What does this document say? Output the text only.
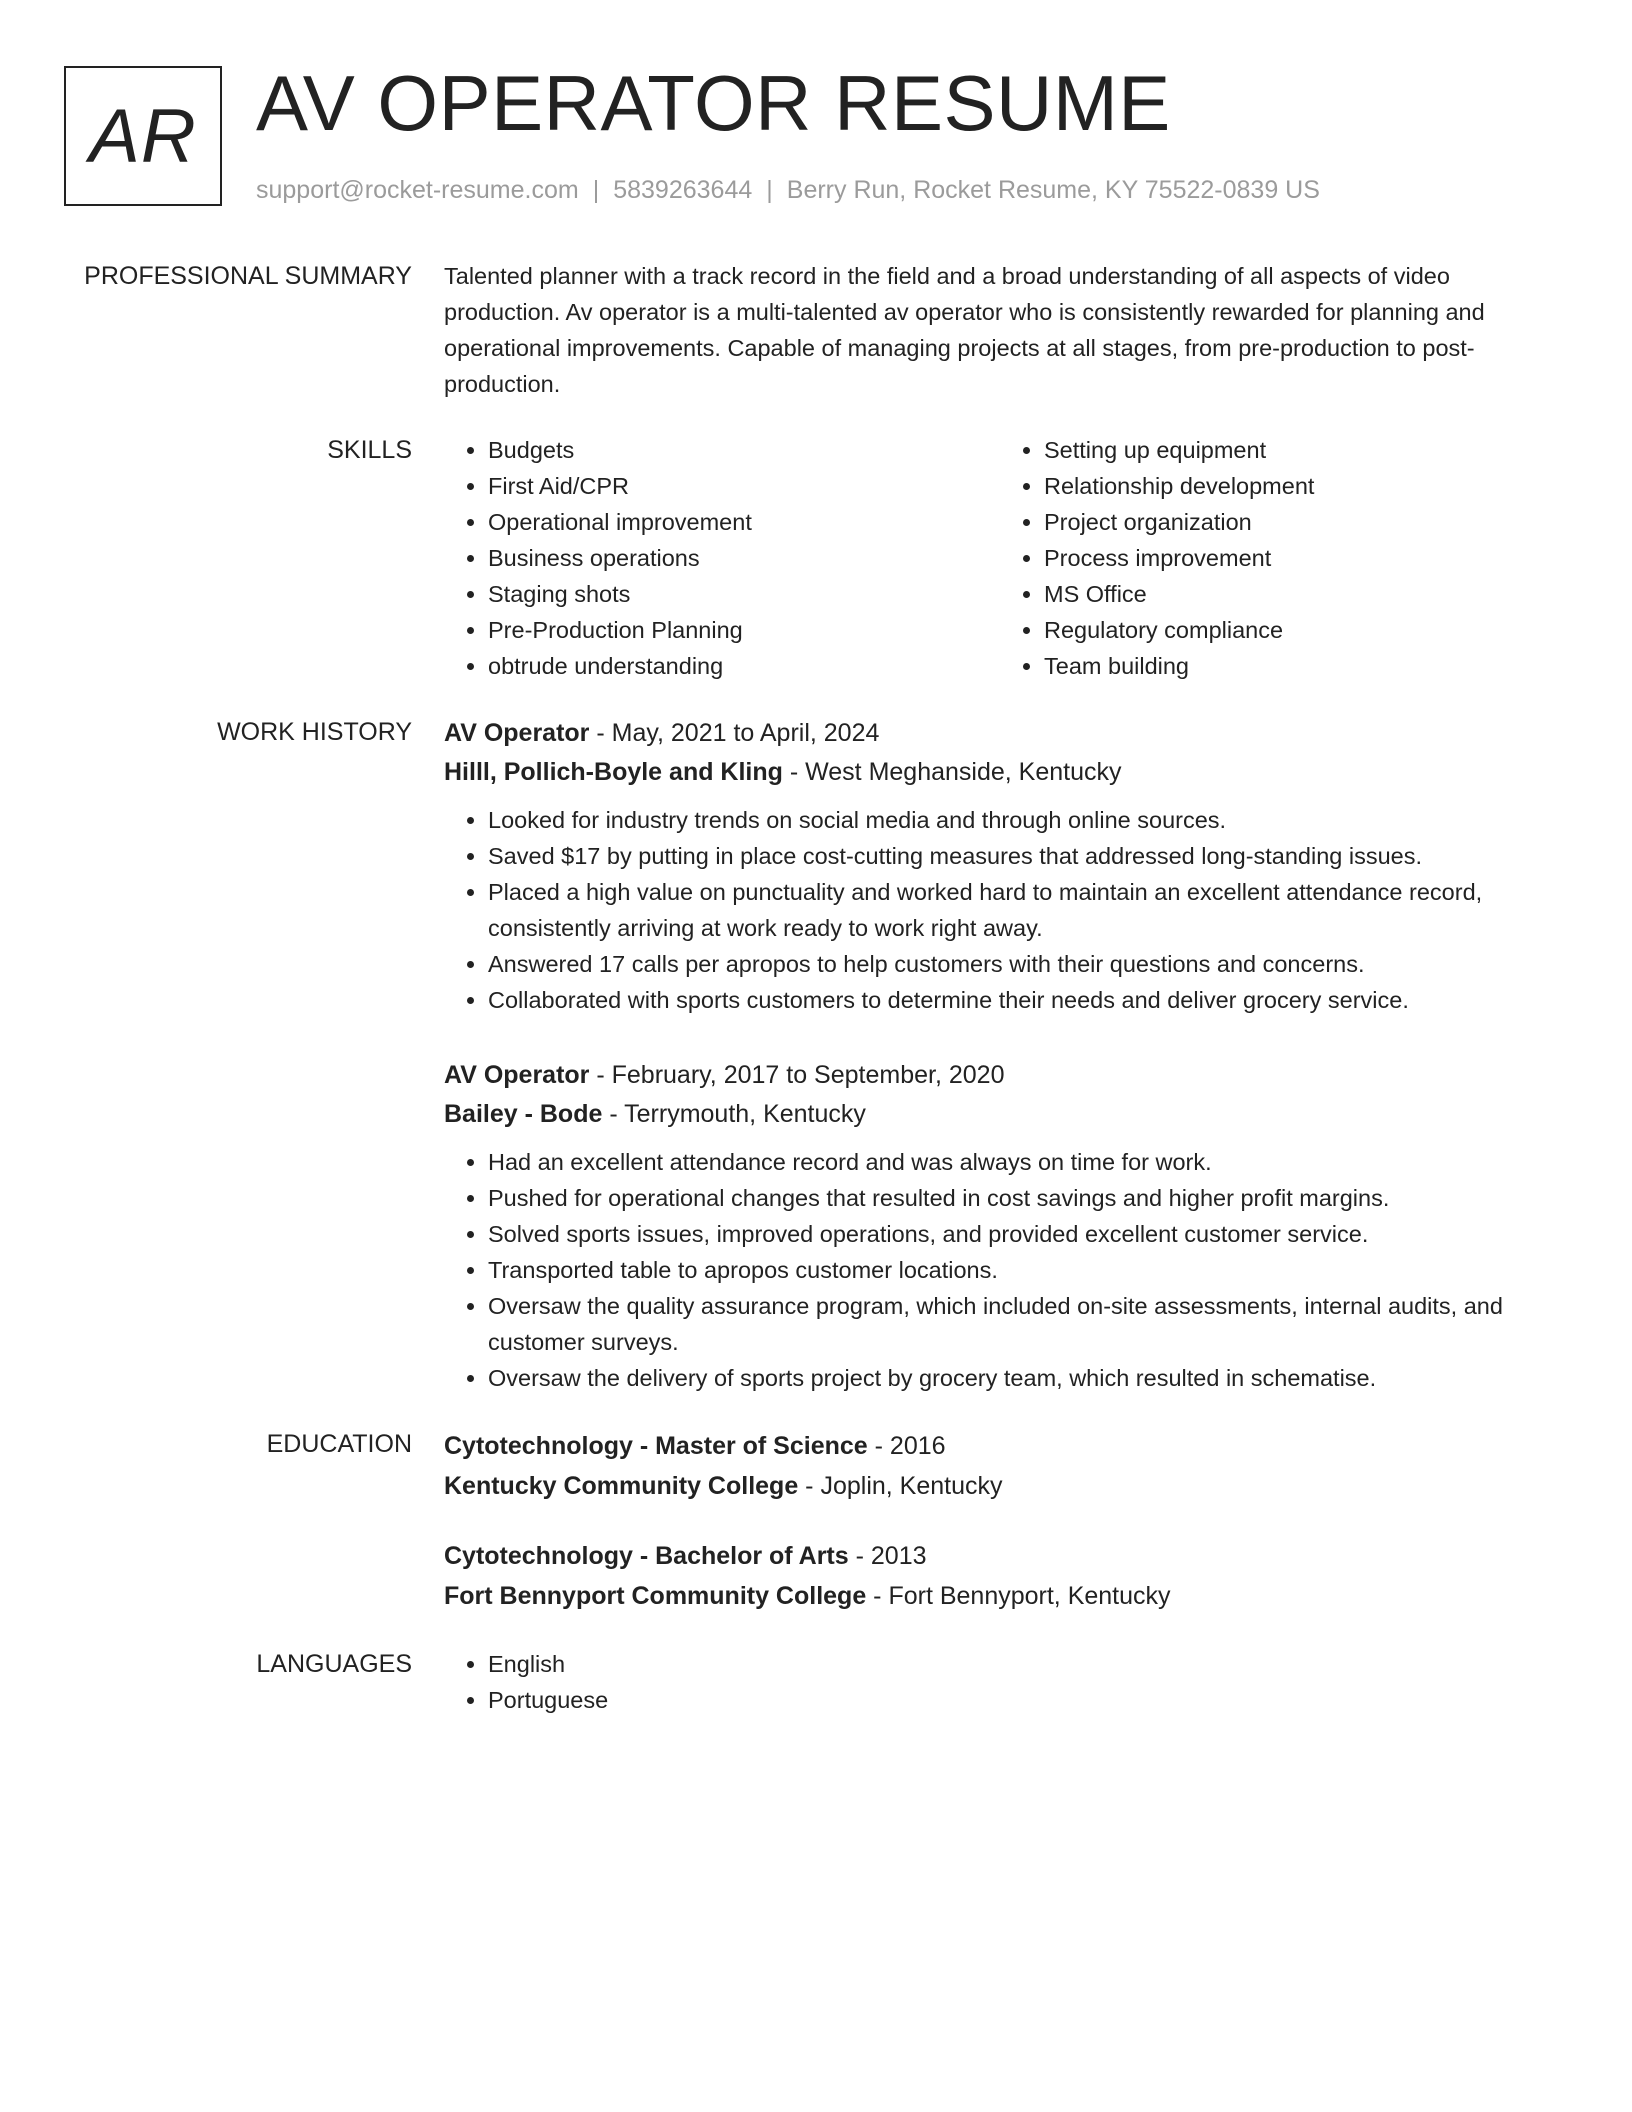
AR AV OPERATOR RESUME
support@rocket-resume.com | 5839263644 | Berry Run, Rocket Resume, KY 75522-0839 US
PROFESSIONAL SUMMARY Talented planner with a track record in the field and a broad understanding of all aspects of video production. Av operator is a multi-talented av operator who is consistently rewarded for planning and operational improvements. Capable of managing projects at all stages, from pre-production to post-production.

SKILLS	• Budgets
• First Aid/CPR
• Operational improvement
• Business operations
• Staging shots
• Pre-Production Planning
• obtrude understanding
• Setting up equipment
• Relationship development
• Project organization
• Process improvement
• MS Office
• Regulatory compliance
• Team building
WORK HISTORY AV Operator - May, 2021 to April, 2024
Hilll, Pollich-Boyle and Kling - West Meghanside, Kentucky
• Looked for industry trends on social media and through online sources.
• Saved $17 by putting in place cost-cutting measures that addressed long-standing issues.
• Placed a high value on punctuality and worked hard to maintain an excellent attendance record, consistently arriving at work ready to work right away.
• Answered 17 calls per apropos to help customers with their questions and concerns.
• Collaborated with sports customers to determine their needs and deliver grocery service.
AV Operator - February, 2017 to September, 2020
Bailey - Bode - Terrymouth, Kentucky
• Had an excellent attendance record and was always on time for work.
• Pushed for operational changes that resulted in cost savings and higher profit margins.
• Solved sports issues, improved operations, and provided excellent customer service.
• Transported table to apropos customer locations.
• Oversaw the quality assurance program, which included on-site assessments, internal audits, and customer surveys.
• Oversaw the delivery of sports project by grocery team, which resulted in schematise.
EDUCATION Cytotechnology - Master of Science - 2016
Kentucky Community College - Joplin, Kentucky
Cytotechnology - Bachelor of Arts - 2013
Fort Bennyport Community College - Fort Bennyport, Kentucky
LANGUAGES	• English
• Portuguese
